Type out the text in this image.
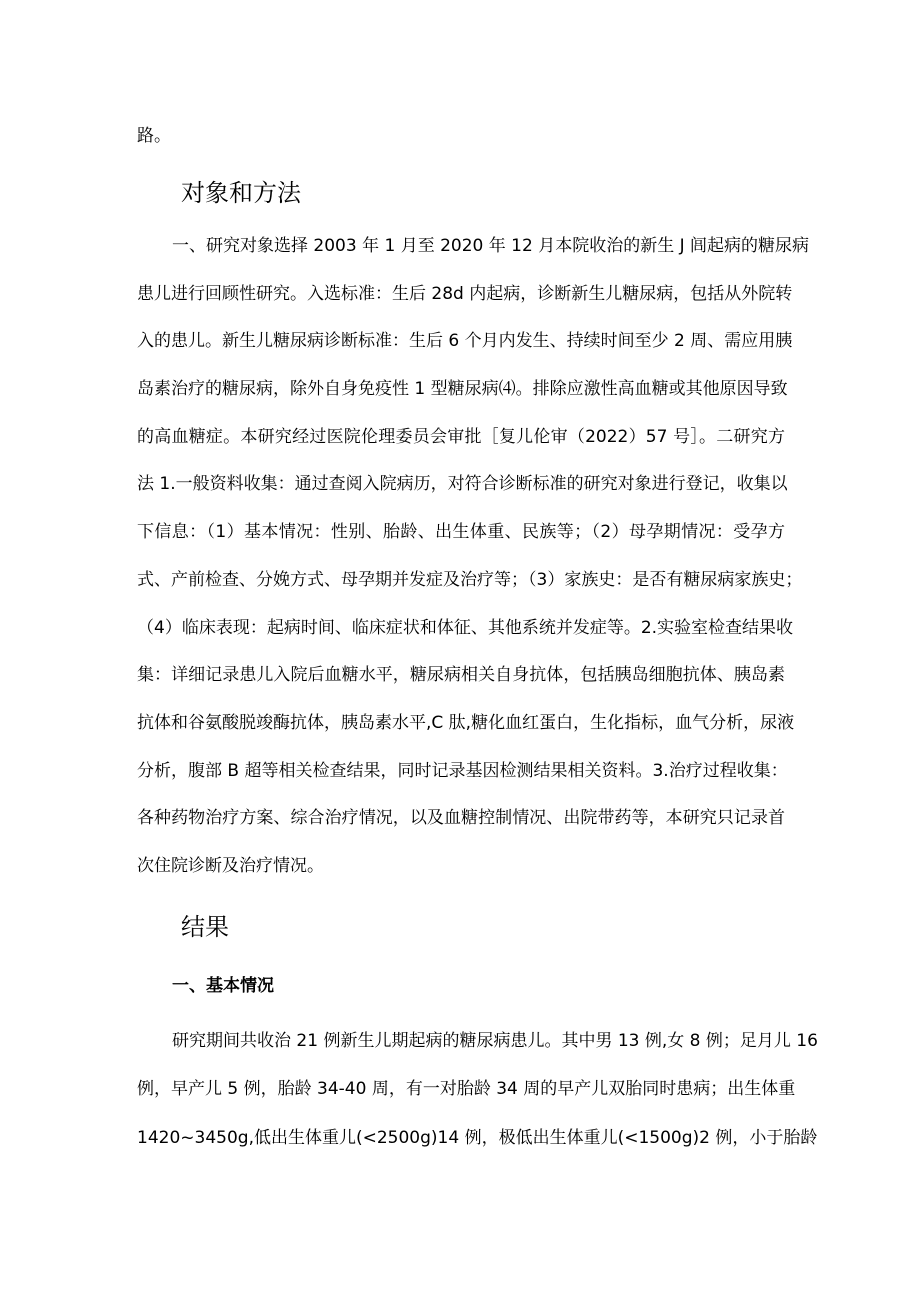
路。
对象和方法
一、研究对象选择 2003 年 1 月至 2020 年 12 月本院收治的新生 J 闾起病的糖尿病
患儿进行回顾性研究。入选标准：生后 28d 内起病，诊断新生儿糖尿病，包括从外院转
入的患儿。新生儿糖尿病诊断标准：生后 6 个月内发生、持续时间至少 2 周、需应用胰
岛素治疗的糖尿病，除外自身免疫性 1 型糖尿病⑷。排除应激性高血糖或其他原因导致
的高血糖症。本研究经过医院伦理委员会审批［复儿伦审（2022）57 号］。二研究方
法 1.一般资料收集：通过查阅入院病历，对符合诊断标准的研究对象进行登记，收集以
下信息：（1）基本情况：性别、胎龄、出生体重、民族等；（2）母孕期情况：受孕方
式、产前检查、分娩方式、母孕期并发症及治疗等；（3）家族史：是否有糖尿病家族史；
（4）临床表现：起病时间、临床症状和体征、其他系统并发症等。2.实验室检查结果收
集：详细记录患儿入院后血糖水平，糖尿病相关自身抗体，包括胰岛细胞抗体、胰岛素
抗体和谷氨酸脱竣酶抗体，胰岛素水平,C 肽,糖化血红蛋白，生化指标，血气分析，尿液
分析，腹部 B 超等相关检查结果，同时记录基因检测结果相关资料。3.治疗过程收集：
各种药物治疗方案、综合治疗情况，以及血糖控制情况、出院带药等，本研究只记录首
次住院诊断及治疗情况。
结果
一、基本情况
研究期间共收治 21 例新生儿期起病的糖尿病患儿。其中男 13 例,女 8 例；足月儿 16
例，早产儿 5 例，胎龄 34-40 周，有一对胎龄 34 周的早产儿双胎同时患病；出生体重
1420~3450g,低出生体重儿(<2500g)14 例，极低出生体重儿(<1500g)2 例，小于胎龄
